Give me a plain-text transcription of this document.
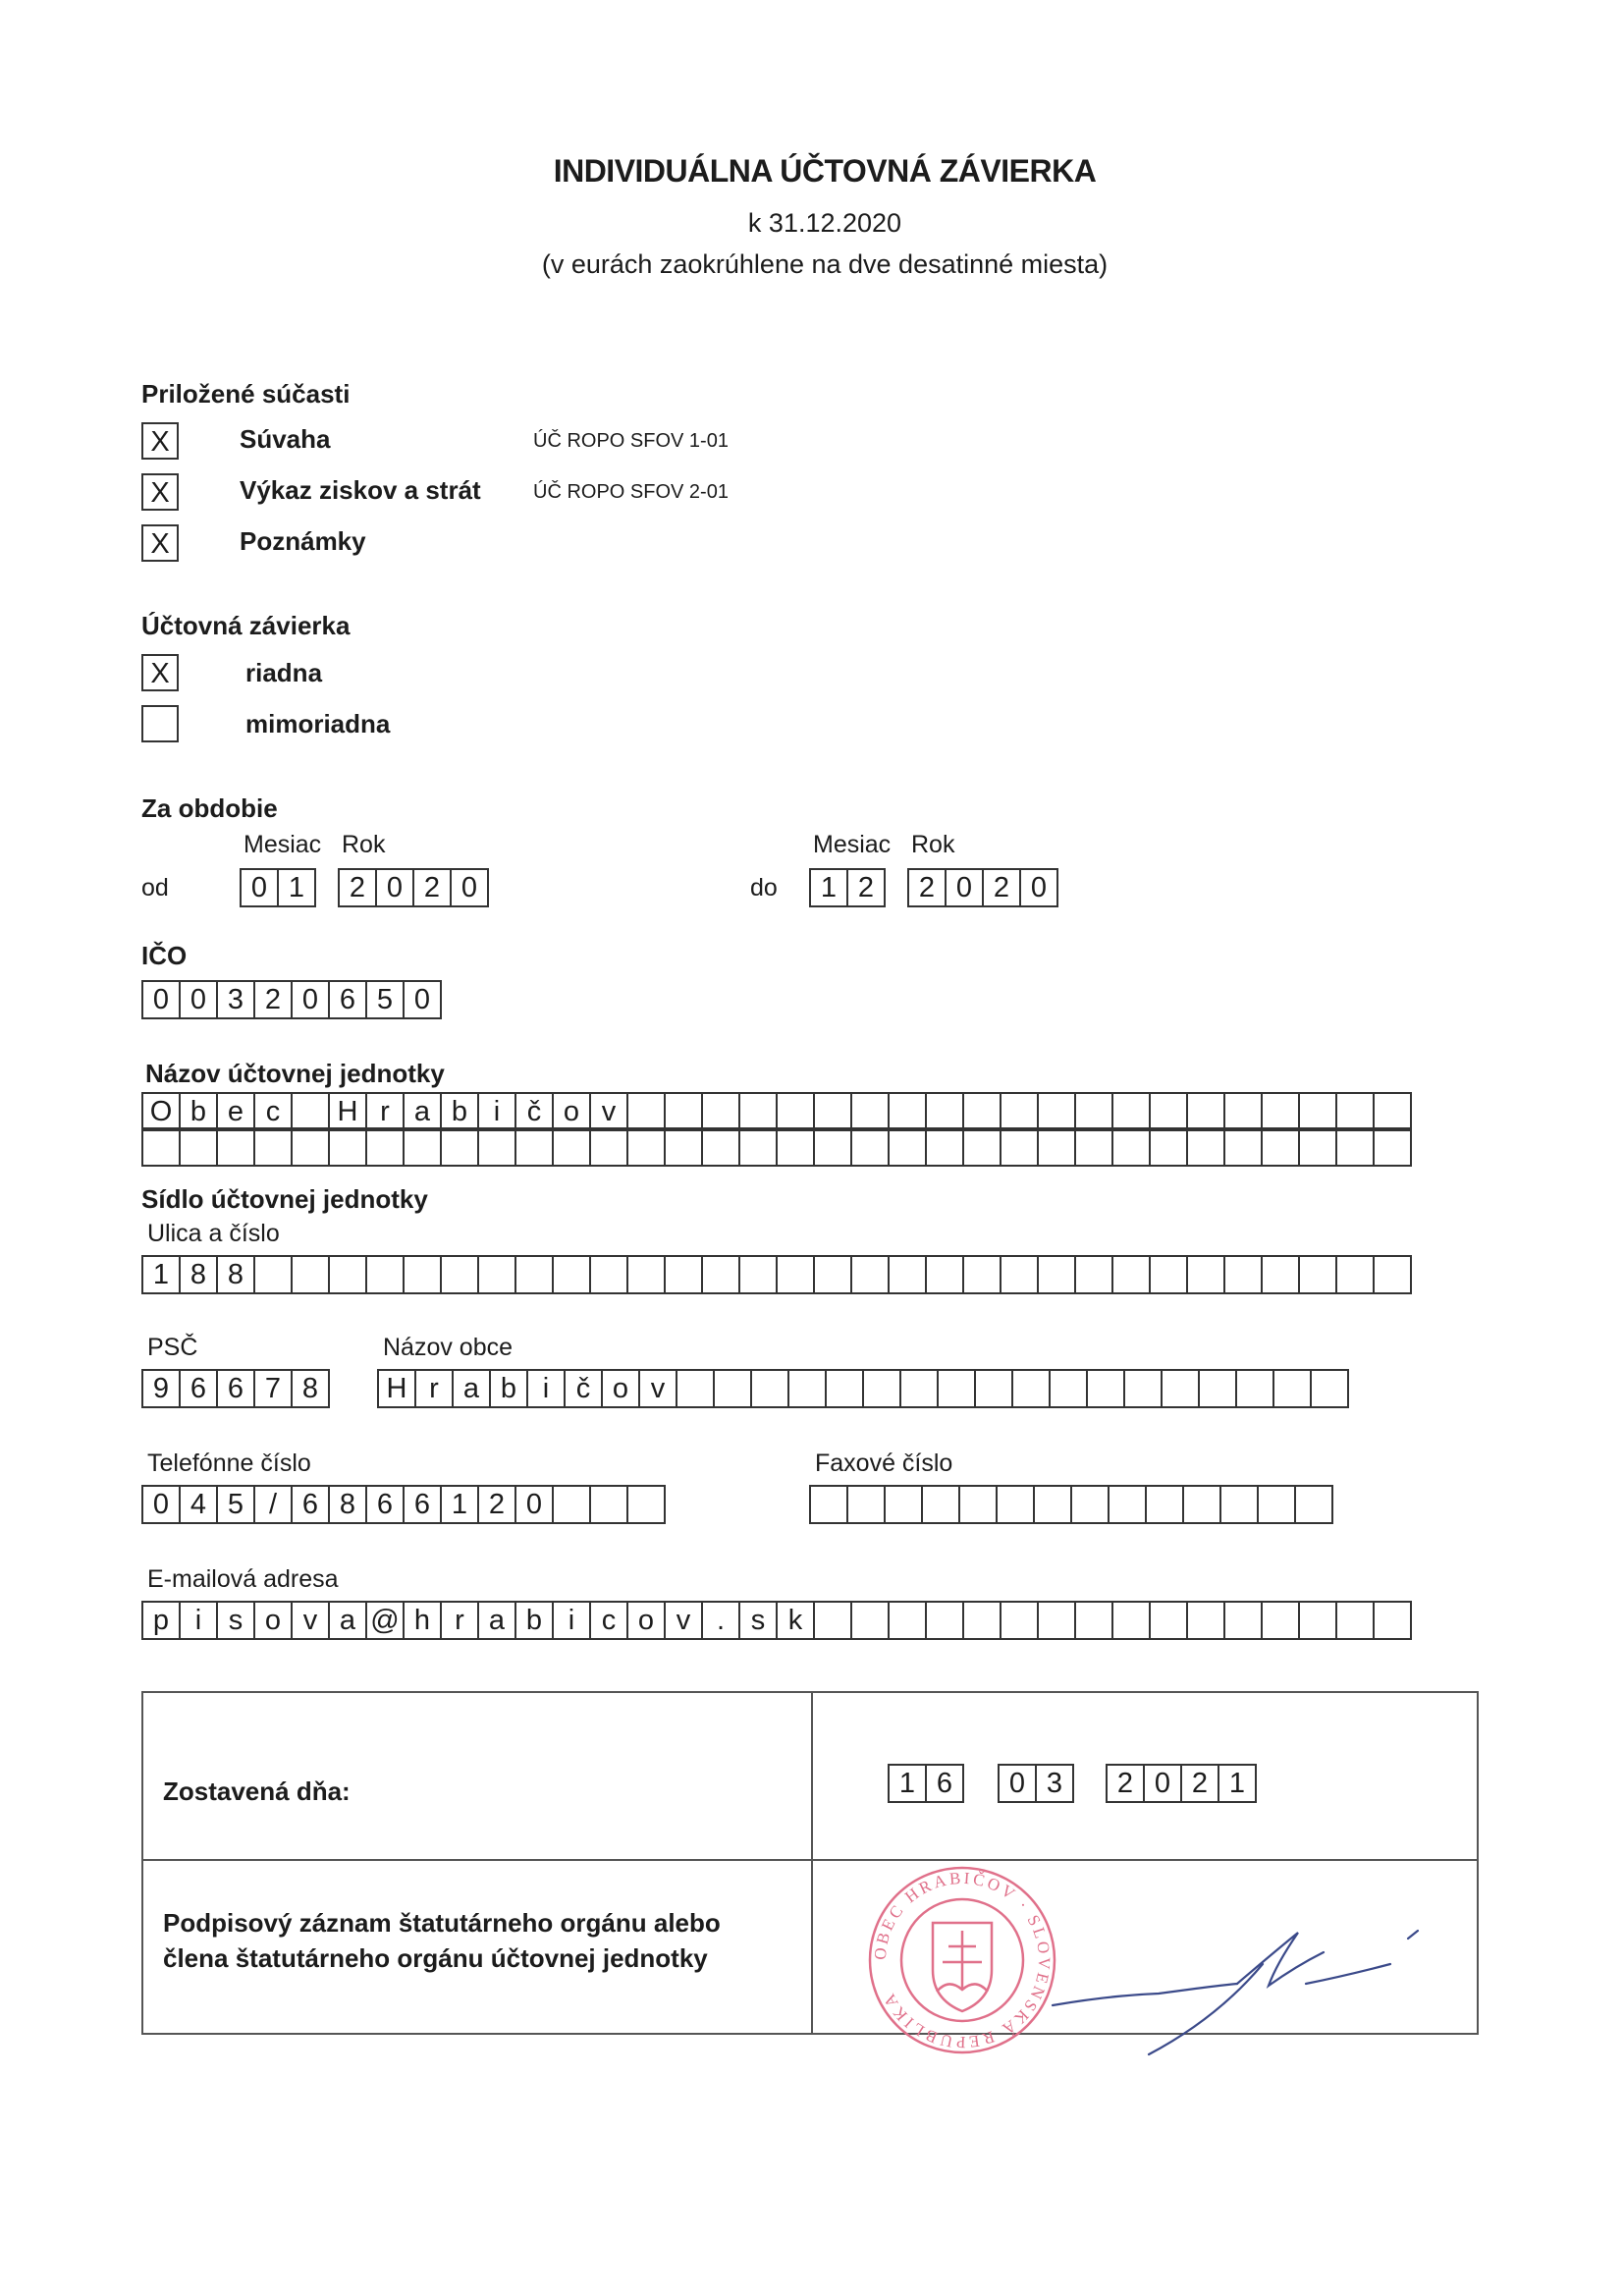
INDIVIDUÁLNA ÚČTOVNÁ ZÁVIERKA
k 31.12.2020
(v eurách zaokrúhlene na dve desatinné miesta)
Priložené súčasti
X	Súvaha	ÚČ ROPO SFOV 1-01
X	Výkaz ziskov a strát	ÚČ ROPO SFOV 2-01
X	Poznámky
Účtovná závierka
X	riadna
mimoriadna
Za obdobie
Mesiac Rok
od	0 1	2 0 2 0
Mesiac Rok
do	1 2	2 0 2 0
IČO
0 0 3 2 0 6 5 0
Názov účtovnej jednotky
O b e c	H r a b i č o v
Sídlo účtovnej jednotky
Ulica a číslo
1 8 8
PSČ
9 6 6 7 8
Názov obce
H r a b i č o v
Telefónne číslo
0 4 5 / 6 8 6 6 1 2 0
Faxové číslo
E-mailová adresa
p i s o v a @ h r a b i c o v . s k
Zostavená dňa:	1 6	0 3	2 0 2 1
Podpisový záznam štatutárneho orgánu alebo
člena štatutárneho orgánu účtovnej jednotky	OBEC HRABIČOV · SLOVENSKÁ REPUBLIKA
